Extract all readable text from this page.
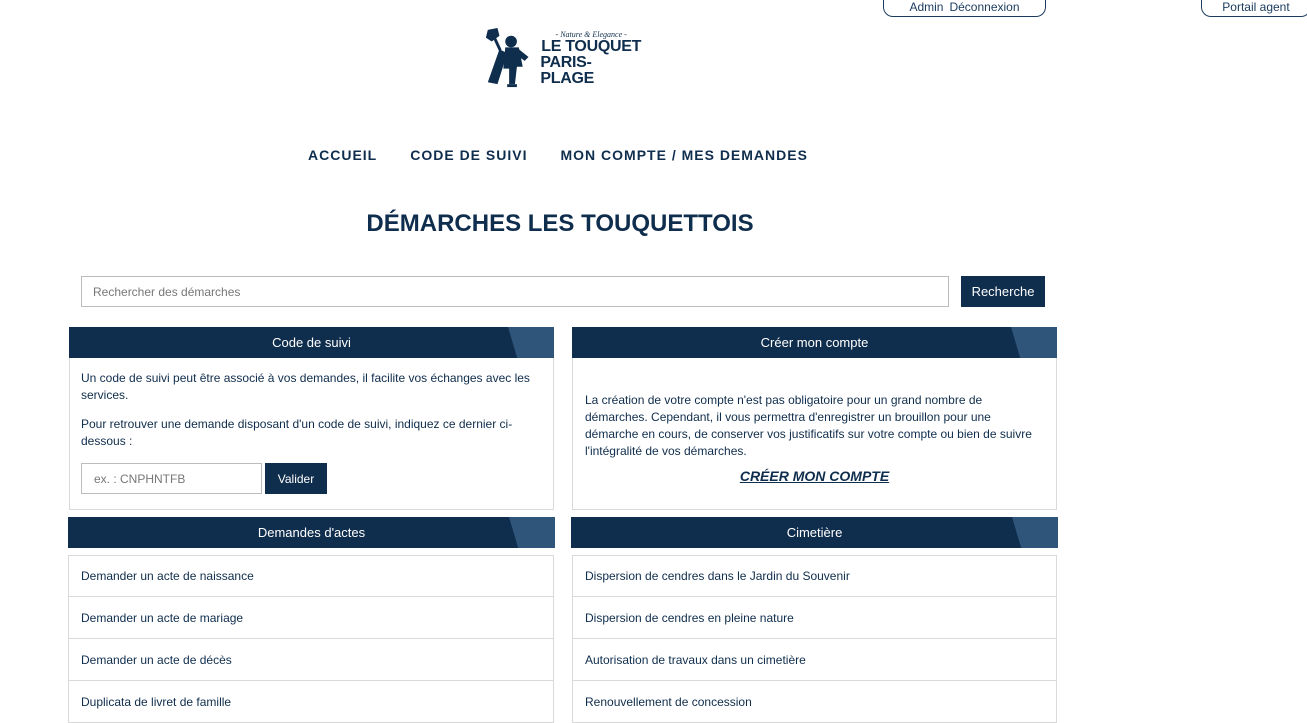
Admin Déconnexion	Portail agent
- Nature & Elegance -
LE TOUQUET
PARIS-PLAGE
ACCUEIL CODE DE SUIVI MON COMPTE / MES DEMANDES
DÉMARCHES LES TOUQUETTOIS
Rechercher des démarches
Recherche
Code de suivi

Un code de suivi peut être associé à vos demandes, il facilite vos échanges avec les services.

Pour retrouver une demande disposant d'un code de suivi, indiquez ce dernier ci-dessous :

ex. : CNPHNTFB
Valider
Créer mon compte

La création de votre compte n'est pas obligatoire pour un grand nombre de démarches. Cependant, il vous permettra d'enregistrer un brouillon pour une démarche en cours, de conserver vos justificatifs sur votre compte ou bien de suivre l'intégralité de vos démarches.

CRÉER MON COMPTE
Demandes d'actes
Demander un acte de naissance
Demander un acte de mariage
Demander un acte de décès
Duplicata de livret de famille
Cimetière
Dispersion de cendres dans le Jardin du Souvenir
Dispersion de cendres en pleine nature
Autorisation de travaux dans un cimetière
Renouvellement de concession
